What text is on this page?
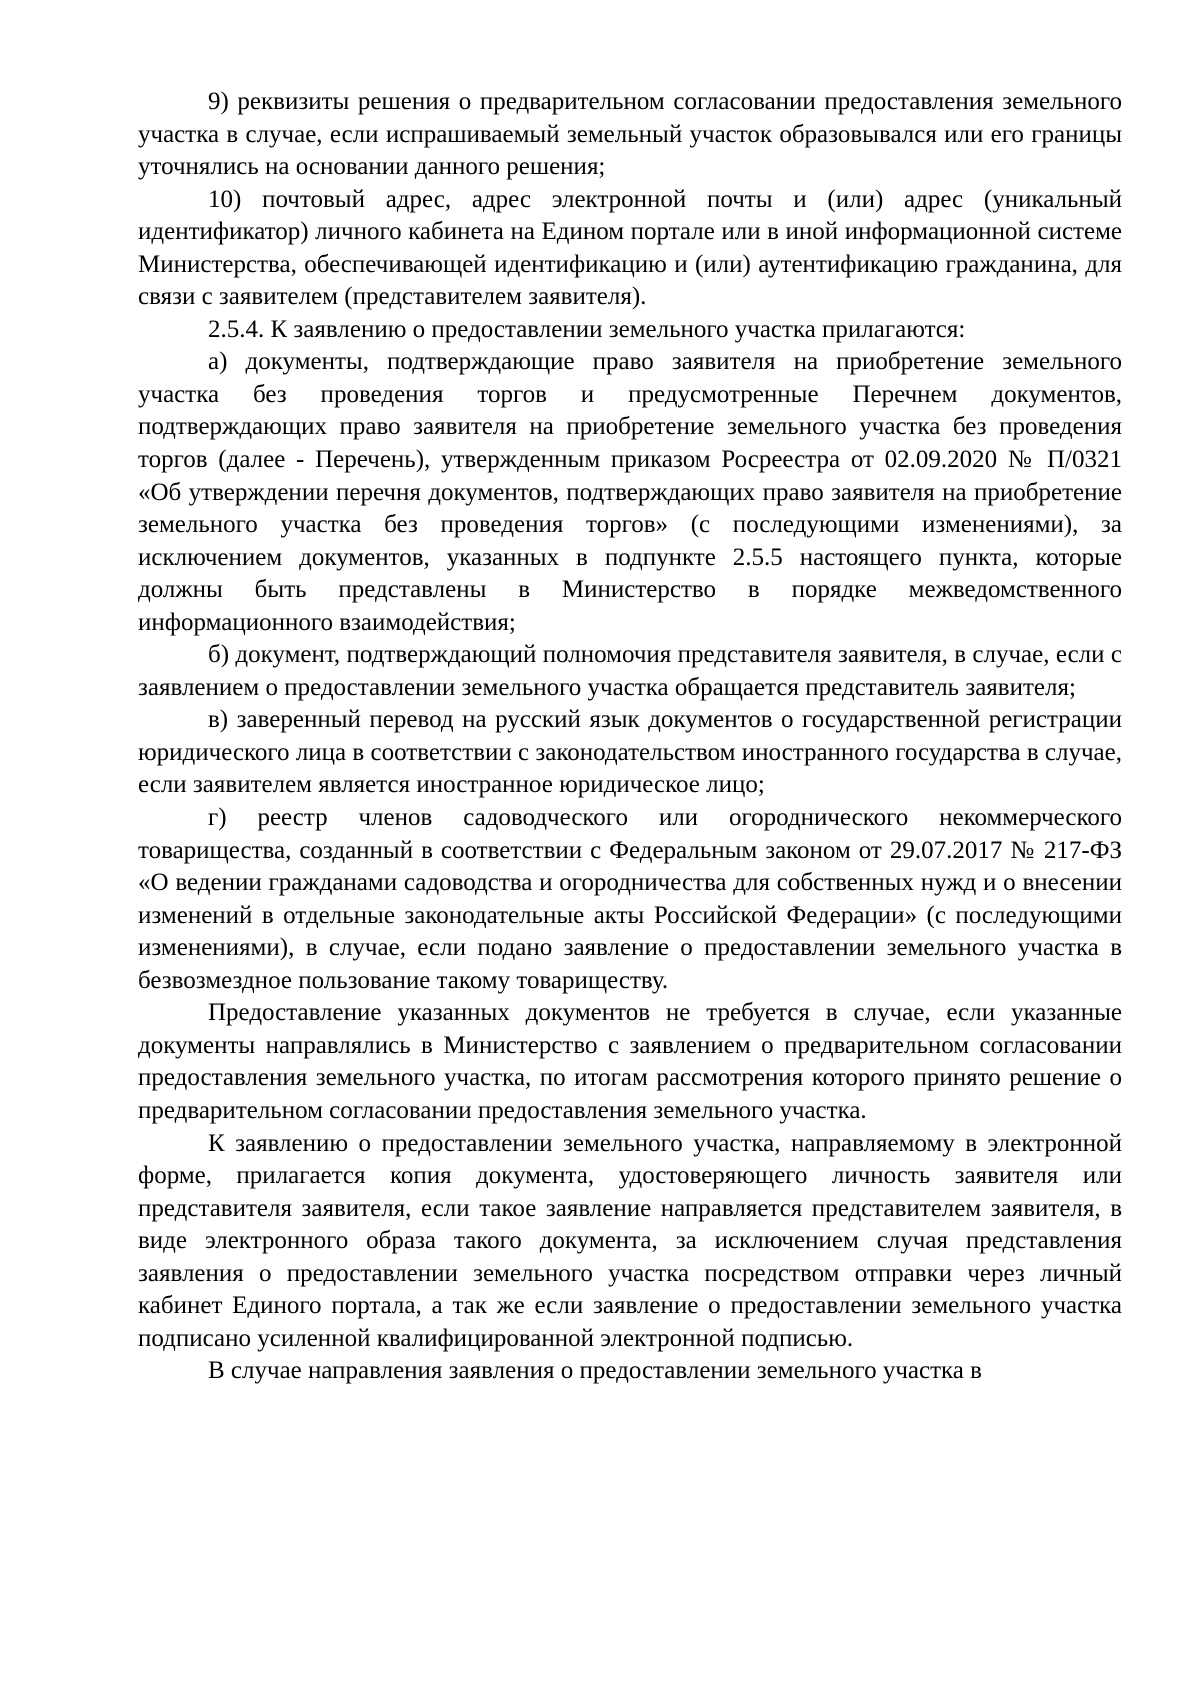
9) реквизиты решения о предварительном согласовании предоставления земельного участка в случае, если испрашиваемый земельный участок образовывался или его границы уточнялись на основании данного решения;

10) почтовый адрес, адрес электронной почты и (или) адрес (уникальный идентификатор) личного кабинета на Едином портале или в иной информационной системе Министерства, обеспечивающей идентификацию и (или) аутентификацию гражданина, для связи с заявителем (представителем заявителя).

2.5.4. К заявлению о предоставлении земельного участка прилагаются:

а) документы, подтверждающие право заявителя на приобретение земельного участка без проведения торгов и предусмотренные Перечнем документов, подтверждающих право заявителя на приобретение земельного участка без проведения торгов (далее - Перечень), утвержденным приказом Росреестра от 02.09.2020 № П/0321 «Об утверждении перечня документов, подтверждающих право заявителя на приобретение земельного участка без проведения торгов» (с последующими изменениями), за исключением документов, указанных в подпункте 2.5.5 настоящего пункта, которые должны быть представлены в Министерство в порядке межведомственного информационного взаимодействия;

б) документ, подтверждающий полномочия представителя заявителя, в случае, если с заявлением о предоставлении земельного участка обращается представитель заявителя;

в) заверенный перевод на русский язык документов о государственной регистрации юридического лица в соответствии с законодательством иностранного государства в случае, если заявителем является иностранное юридическое лицо;

г) реестр членов садоводческого или огороднического некоммерческого товарищества, созданный в соответствии с Федеральным законом от 29.07.2017 № 217-ФЗ «О ведении гражданами садоводства и огородничества для собственных нужд и о внесении изменений в отдельные законодательные акты Российской Федерации» (с последующими изменениями), в случае, если подано заявление о предоставлении земельного участка в безвозмездное пользование такому товариществу.

Предоставление указанных документов не требуется в случае, если указанные документы направлялись в Министерство с заявлением о предварительном согласовании предоставления земельного участка, по итогам рассмотрения которого принято решение о предварительном согласовании предоставления земельного участка.

К заявлению о предоставлении земельного участка, направляемому в электронной форме, прилагается копия документа, удостоверяющего личность заявителя или представителя заявителя, если такое заявление направляется представителем заявителя, в виде электронного образа такого документа, за исключением случая представления заявления о предоставлении земельного участка посредством отправки через личный кабинет Единого портала, а так же если заявление о предоставлении земельного участка подписано усиленной квалифицированной электронной подписью.

В случае направления заявления о предоставлении земельного участка в
